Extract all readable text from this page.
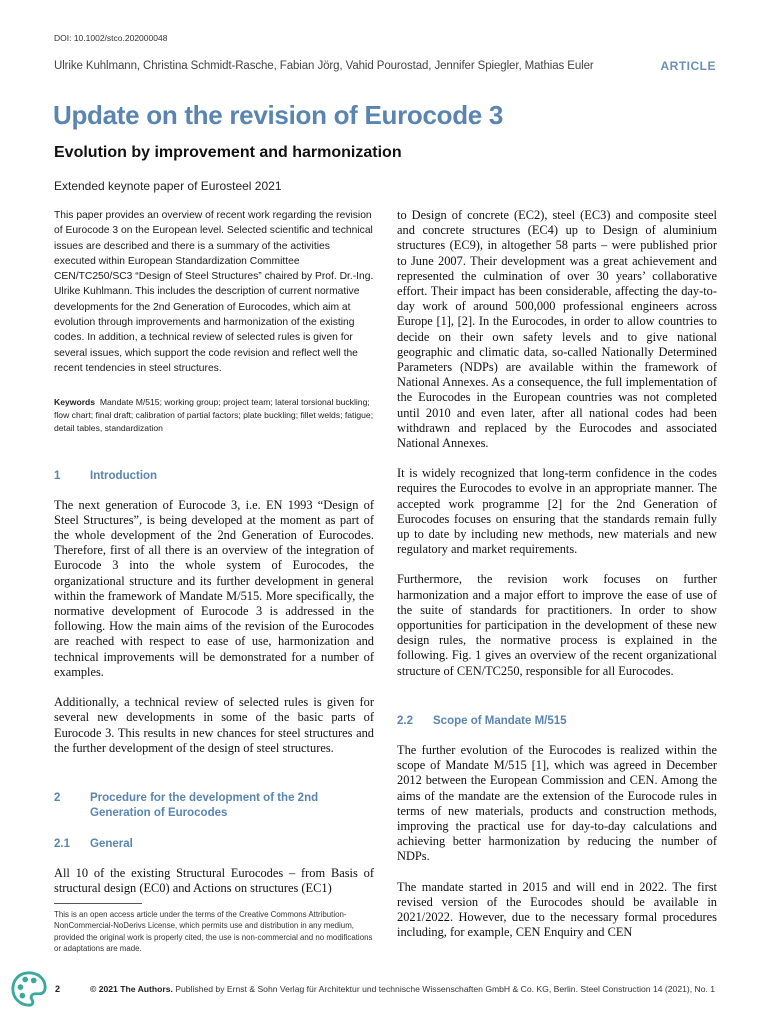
DOI: 10.1002/stco.202000048
Ulrike Kuhlmann, Christina Schmidt-Rasche, Fabian Jörg, Vahid Pourostad, Jennifer Spiegler, Mathias Euler	ARTICLE
Update on the revision of Eurocode 3
Evolution by improvement and harmonization
Extended keynote paper of Eurosteel 2021

This paper provides an overview of recent work regarding the revision of Eurocode 3 on the European level. Selected scientific and technical issues are described and there is a summary of the activities executed within European Standardization Committee CEN/TC250/SC3 “Design of Steel Structures” chaired by Prof. Dr.-Ing. Ulrike Kuhlmann. This includes the description of current normative developments for the 2nd Generation of Eurocodes, which aim at evolution through improvements and harmonization of the existing codes. In addition, a technical review of selected rules is given for several issues, which support the code revision and reflect well the recent tendencies in steel structures.

Keywords Mandate M/515; working group; project team; lateral torsional buckling; flow chart; final draft; calibration of partial factors; plate buckling; fillet welds; fatigue; detail tables, standardization

1	Introduction

The next generation of Eurocode 3, i.e. EN 1993 “Design of Steel Structures”, is being developed at the moment as part of the whole development of the 2nd Generation of Eurocodes. Therefore, first of all there is an overview of the integration of Eurocode 3 into the whole system of Eurocodes, the organizational structure and its further development in general within the framework of Mandate M/515. More specifically, the normative development of Eurocode 3 is addressed in the following. How the main aims of the revision of the Eurocodes are reached with respect to ease of use, harmonization and technical improvements will be demonstrated for a number of examples.

Additionally, a technical review of selected rules is given for several new developments in some of the basic parts of Eurocode 3. This results in new chances for steel structures and the further development of the design of steel structures.

2	Procedure for the development of the 2nd Generation of Eurocodes
2.1	General

All 10 of the existing Structural Eurocodes – from Basis of structural design (EC0) and Actions on structures (EC1)

to Design of concrete (EC2), steel (EC3) and composite steel and concrete structures (EC4) up to Design of aluminium structures (EC9), in altogether 58 parts – were published prior to June 2007. Their development was a great achievement and represented the culmination of over 30 years’ collaborative effort. Their impact has been considerable, affecting the day-to-day work of around 500,000 professional engineers across Europe [1], [2]. In the Eurocodes, in order to allow countries to decide on their own safety levels and to give national geographic and climatic data, so-called Nationally Determined Parameters (NDPs) are available within the framework of National Annexes. As a consequence, the full implementation of the Eurocodes in the European countries was not completed until 2010 and even later, after all national codes had been withdrawn and replaced by the Eurocodes and associated National Annexes.

It is widely recognized that long-term confidence in the codes requires the Eurocodes to evolve in an appropriate manner. The accepted work programme [2] for the 2nd Generation of Eurocodes focuses on ensuring that the standards remain fully up to date by including new methods, new materials and new regulatory and market requirements.

Furthermore, the revision work focuses on further harmonization and a major effort to improve the ease of use of the suite of standards for practitioners. In order to show opportunities for participation in the development of these new design rules, the normative process is explained in the following. Fig. 1 gives an overview of the recent organizational structure of CEN/TC250, responsible for all Eurocodes.

2.2	Scope of Mandate M/515

The further evolution of the Eurocodes is realized within the scope of Mandate M/515 [1], which was agreed in December 2012 between the European Commission and CEN. Among the aims of the mandate are the extension of the Eurocode rules in terms of new materials, products and construction methods, improving the practical use for day-to-day calculations and achieving better harmonization by reducing the number of NDPs.

The mandate started in 2015 and will end in 2022. The first revised version of the Eurocodes should be available in 2021/2022. However, due to the necessary formal procedures including, for example, CEN Enquiry and CEN

This is an open access article under the terms of the Creative Commons Attribution-NonCommercial-NoDerivs License, which permits use and distribution in any medium, provided the original work is properly cited, the use is non-commercial and no modifications or adaptations are made.

2	© 2021 The Authors. Published by Ernst & Sohn Verlag für Architektur und technische Wissenschaften GmbH & Co. KG, Berlin. Steel Construction 14 (2021), No. 1
